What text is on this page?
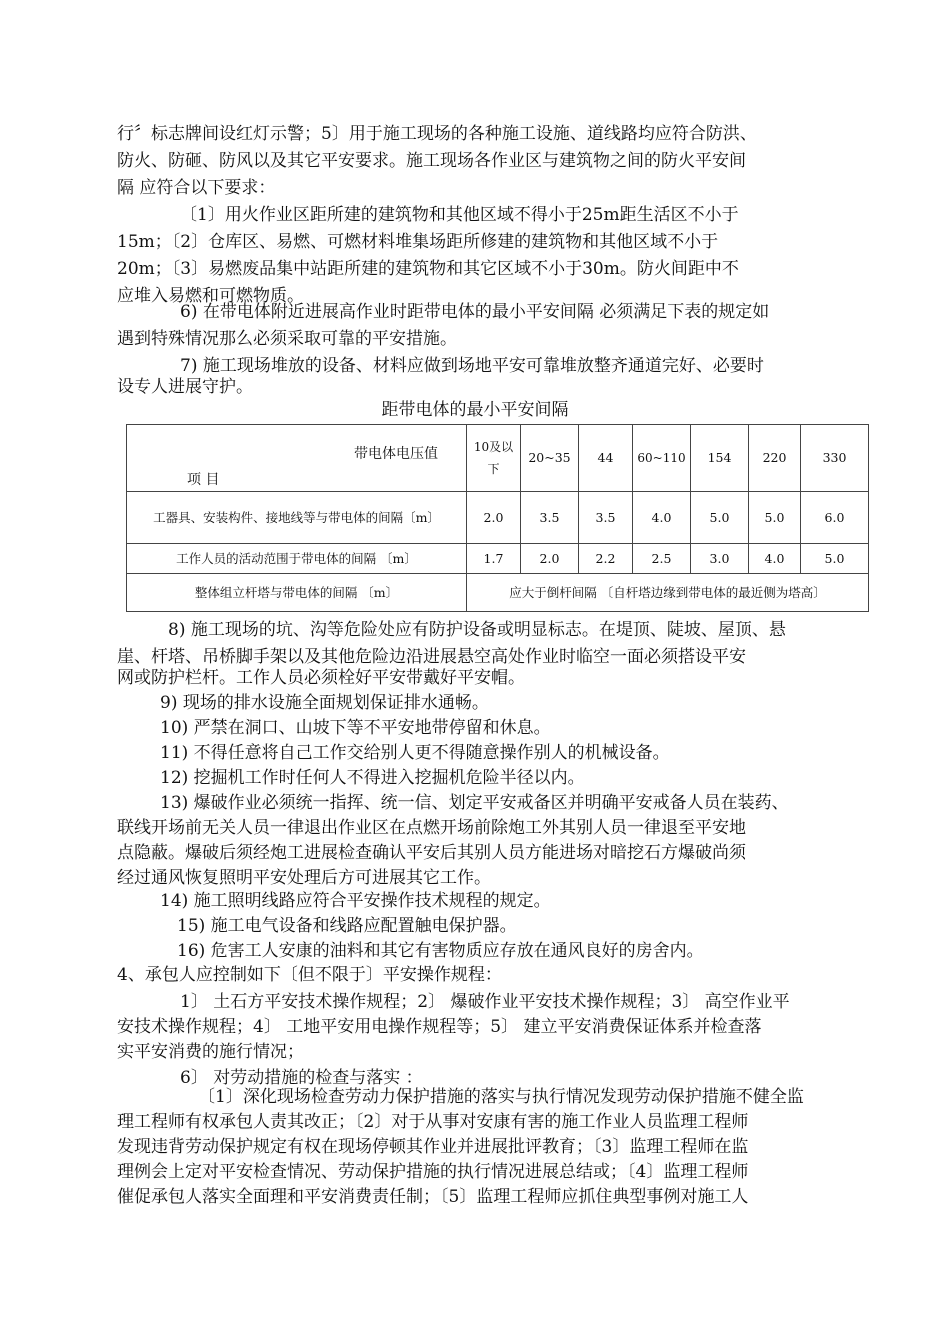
行〞标志牌间设红灯示警；5〕用于施工现场的各种施工设施、道线路均应符合防洪、
防火、防砸、防风以及其它平安要求。施工现场各作业区与建筑物之间的防火平安间
隔 应符合以下要求：
〔1〕用火作业区距所建的建筑物和其他区域不得小于25m距生活区不小于
15m；〔2〕仓库区、易燃、可燃材料堆集场距所修建的建筑物和其他区域不小于
20m；〔3〕易燃废品集中站距所建的建筑物和其它区域不小于30m。防火间距中不
应堆入易燃和可燃物质。
6) 在带电体附近进展高作业时距带电体的最小平安间隔 必须满足下表的规定如
遇到特殊情况那么必须采取可靠的平安措施。
7) 施工现场堆放的设备、材料应做到场地平安可靠堆放整齐通道完好、必要时
设专人进展守护。
距带电体的最小平安间隔
带电体电压值
项 目	10及以下	20~35	44	60~110	154	220	330
工器具、安装构件、接地线等与带电体的间隔〔m〕	2.0	3.5	3.5	4.0	5.0	5.0	6.0
工作人员的活动范围于带电体的间隔 〔m〕	1.7	2.0	2.2	2.5	3.0	4.0	5.0
整体组立杆塔与带电体的间隔 〔m〕	应大于倒杆间隔 〔自杆塔边缘到带电体的最近侧为塔高〕						
8) 施工现场的坑、沟等危险处应有防护设备或明显标志。在堤顶、陡坡、屋顶、悬
崖、杆塔、吊桥脚手架以及其他危险边沿进展悬空高处作业时临空一面必须搭设平安
网或防护栏杆。工作人员必须栓好平安带戴好平安帽。
9) 现场的排水设施全面规划保证排水通畅。
10) 严禁在洞口、山坡下等不平安地带停留和休息。
11) 不得任意将自己工作交给别人更不得随意操作别人的机械设备。
12) 挖掘机工作时任何人不得进入挖掘机危险半径以内。
13) 爆破作业必须统一指挥、统一信、划定平安戒备区并明确平安戒备人员在装药、
联线开场前无关人员一律退出作业区在点燃开场前除炮工外其别人员一律退至平安地
点隐蔽。爆破后须经炮工进展检查确认平安后其别人员方能进场对暗挖石方爆破尚须
经过通风恢复照明平安处理后方可进展其它工作。
14) 施工照明线路应符合平安操作技术规程的规定。
15) 施工电气设备和线路应配置触电保护器。
16) 危害工人安康的油料和其它有害物质应存放在通风良好的房舍内。
4、承包人应控制如下〔但不限于〕平安操作规程：
1〕 土石方平安技术操作规程；2〕 爆破作业平安技术操作规程；3〕 高空作业平
安技术操作规程；4〕 工地平安用电操作规程等；5〕 建立平安消费保证体系并检查落
实平安消费的施行情况；
6〕 对劳动措施的检查与落实 ：
〔1〕深化现场检查劳动力保护措施的落实与执行情况发现劳动保护措施不健全监
理工程师有权承包人责其改正；〔2〕对于从事对安康有害的施工作业人员监理工程师
发现违背劳动保护规定有权在现场停顿其作业并进展批评教育；〔3〕监理工程师在监
理例会上定对平安检查情况、劳动保护措施的执行情况进展总结或；〔4〕监理工程师
催促承包人落实全面理和平安消费责任制；〔5〕监理工程师应抓住典型事例对施工人
